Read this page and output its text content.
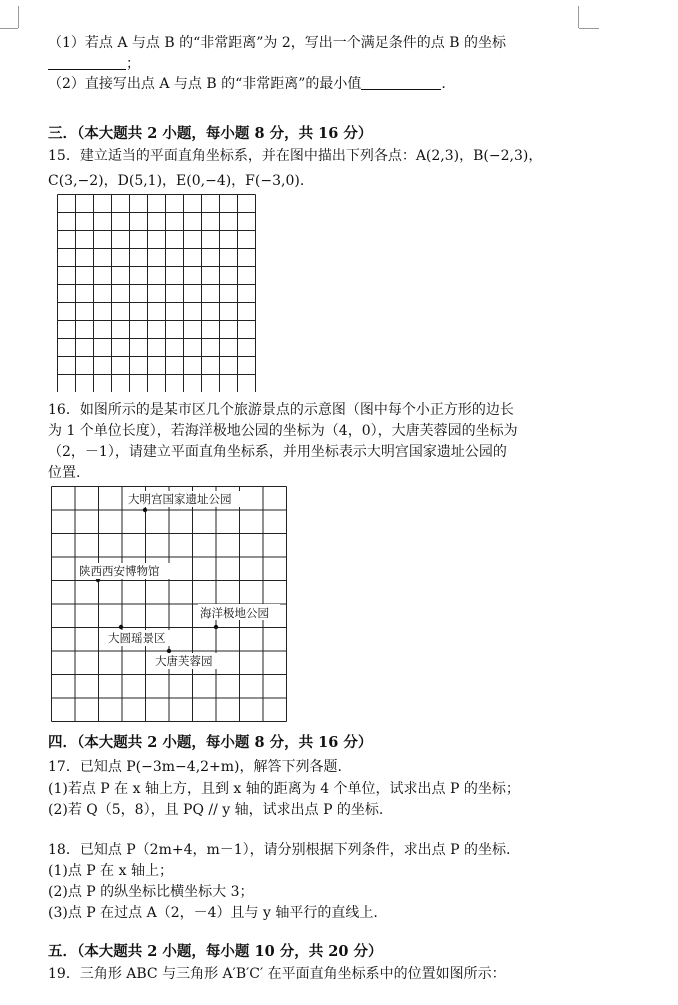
（1）若点 A 与点 B 的“非常距离”为 2，写出一个满足条件的点 B 的坐标
；
（2）直接写出点 A 与点 B 的“非常距离”的最小值	.
三．（本大题共 2 小题，每小题 8 分，共 16 分）
15．建立适当的平面直角坐标系，并在图中描出下列各点：A(2,3)，B(−2,3)，
C(3,−2)，D(5,1)，E(0,−4)，F(−3,0).
16．如图所示的是某市区几个旅游景点的示意图（图中每个小正方形的边长
为 1 个单位长度），若海洋极地公园的坐标为（4，0），大唐芙蓉园的坐标为
（2，－1），请建立平面直角坐标系，并用坐标表示大明宫国家遗址公园的
位置.
大明宫国家遗址公园
陕西西安博物馆
海洋极地公园
大圆瑶景区
大唐芙蓉园
四．（本大题共 2 小题，每小题 8 分，共 16 分）
17．已知点 P(−3m−4,2+m)，解答下列各题.
(1)若点 P 在 x 轴上方，且到 x 轴的距离为 4 个单位，试求出点 P 的坐标；
(2)若 Q（5，8），且 PQ // y 轴，试求出点 P 的坐标.
18．已知点 P（2m+4，m－1），请分别根据下列条件，求出点 P 的坐标.
(1)点 P 在 x 轴上；
(2)点 P 的纵坐标比横坐标大 3；
(3)点 P 在过点 A（2，－4）且与 y 轴平行的直线上.
五．（本大题共 2 小题，每小题 10 分，共 20 分）
19．三角形 ABC 与三角形 A′B′C′ 在平面直角坐标系中的位置如图所示：
